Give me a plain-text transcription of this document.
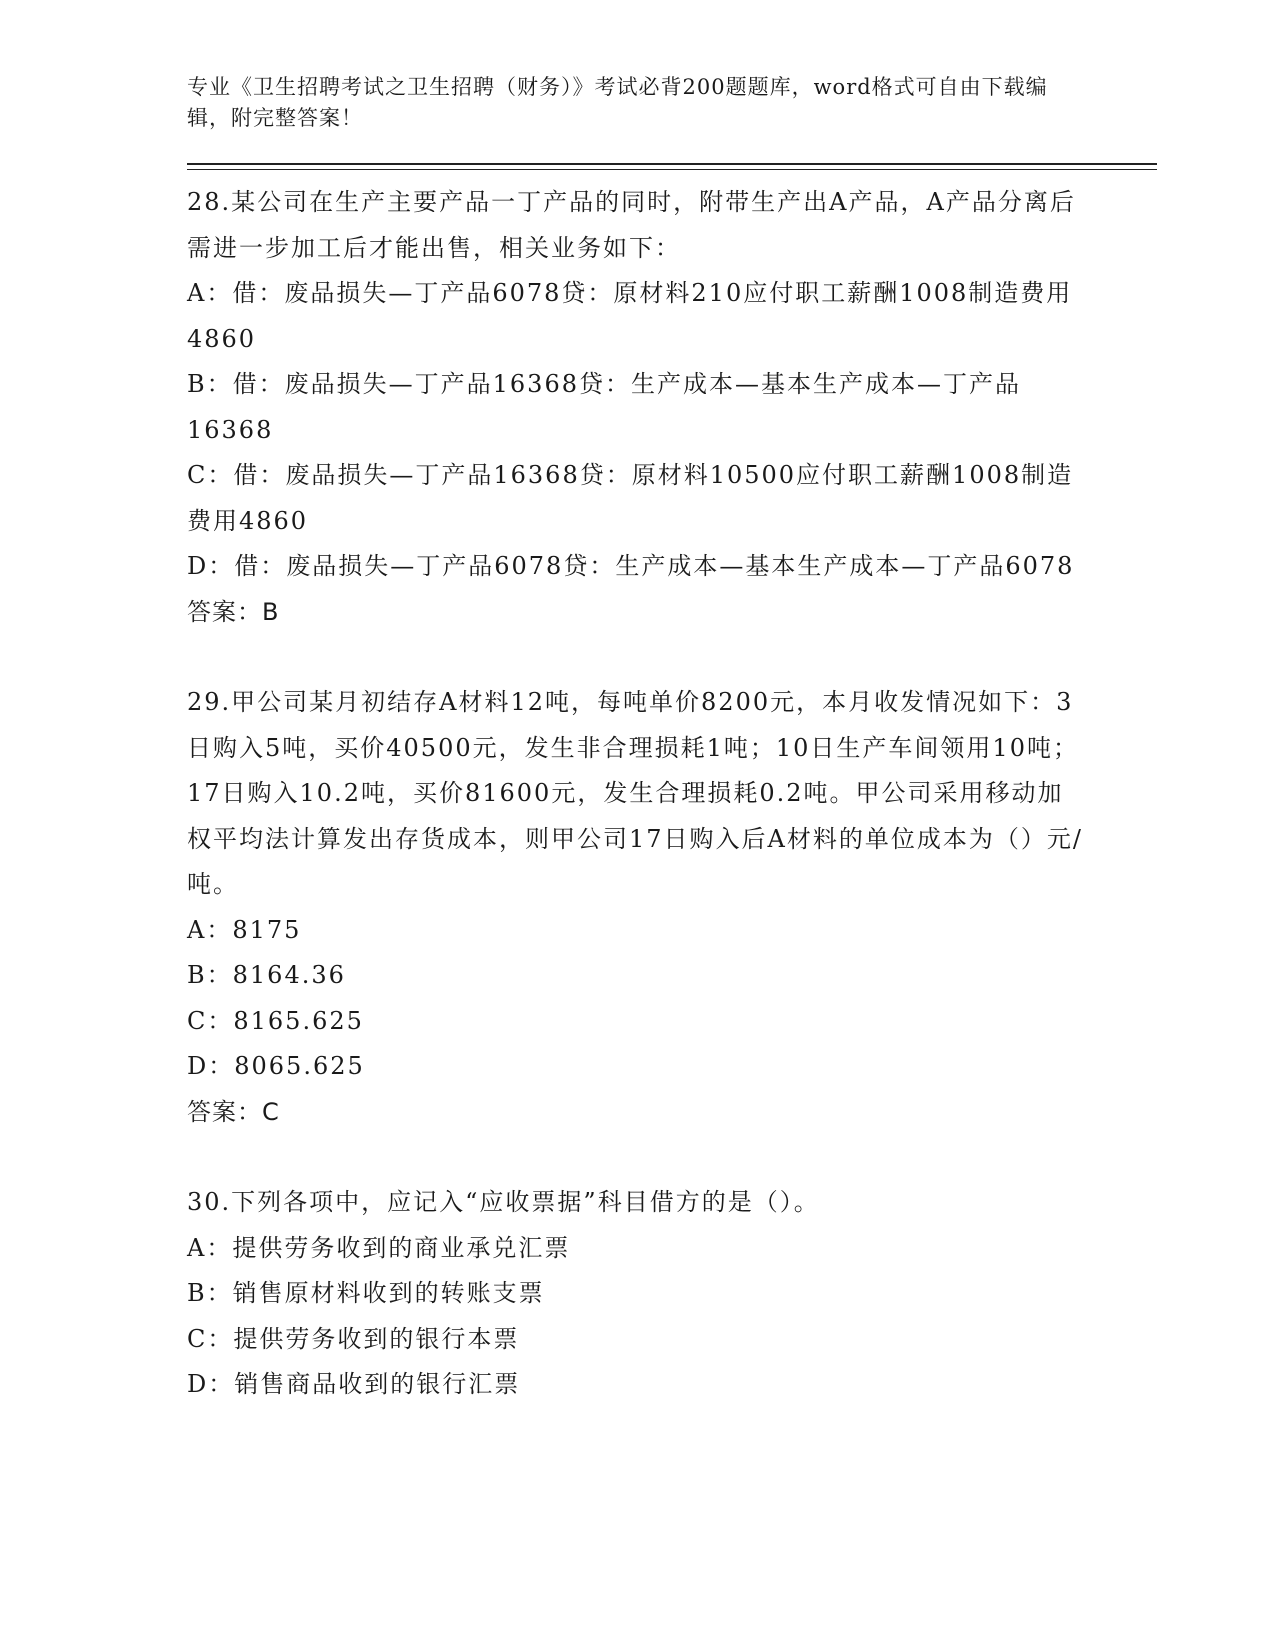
专业《卫生招聘考试之卫生招聘（财务）》考试必背200题题库，word格式可自由下载编辑，附完整答案！

28.某公司在生产主要产品一丁产品的同时，附带生产出A产品，A产品分离后需进一步加工后才能出售，相关业务如下：

A：借：废品损失—丁产品6078贷：原材料210应付职工薪酬1008制造费用4860

B：借：废品损失—丁产品16368贷：生产成本—基本生产成本—丁产品16368

C：借：废品损失—丁产品16368贷：原材料10500应付职工薪酬1008制造费用4860

D：借：废品损失—丁产品6078贷：生产成本—基本生产成本—丁产品6078

答案：B

29.甲公司某月初结存A材料12吨，每吨单价8200元，本月收发情况如下：3日购入5吨，买价40500元，发生非合理损耗1吨；10日生产车间领用10吨；17日购入10.2吨，买价81600元，发生合理损耗0.2吨。甲公司采用移动加权平均法计算发出存货成本，则甲公司17日购入后A材料的单位成本为（）元/吨。

A：8175

B：8164.36

C：8165.625

D：8065.625

答案：C

30.下列各项中，应记入“应收票据”科目借方的是（）。

A：提供劳务收到的商业承兑汇票

B：销售原材料收到的转账支票

C：提供劳务收到的银行本票

D：销售商品收到的银行汇票
